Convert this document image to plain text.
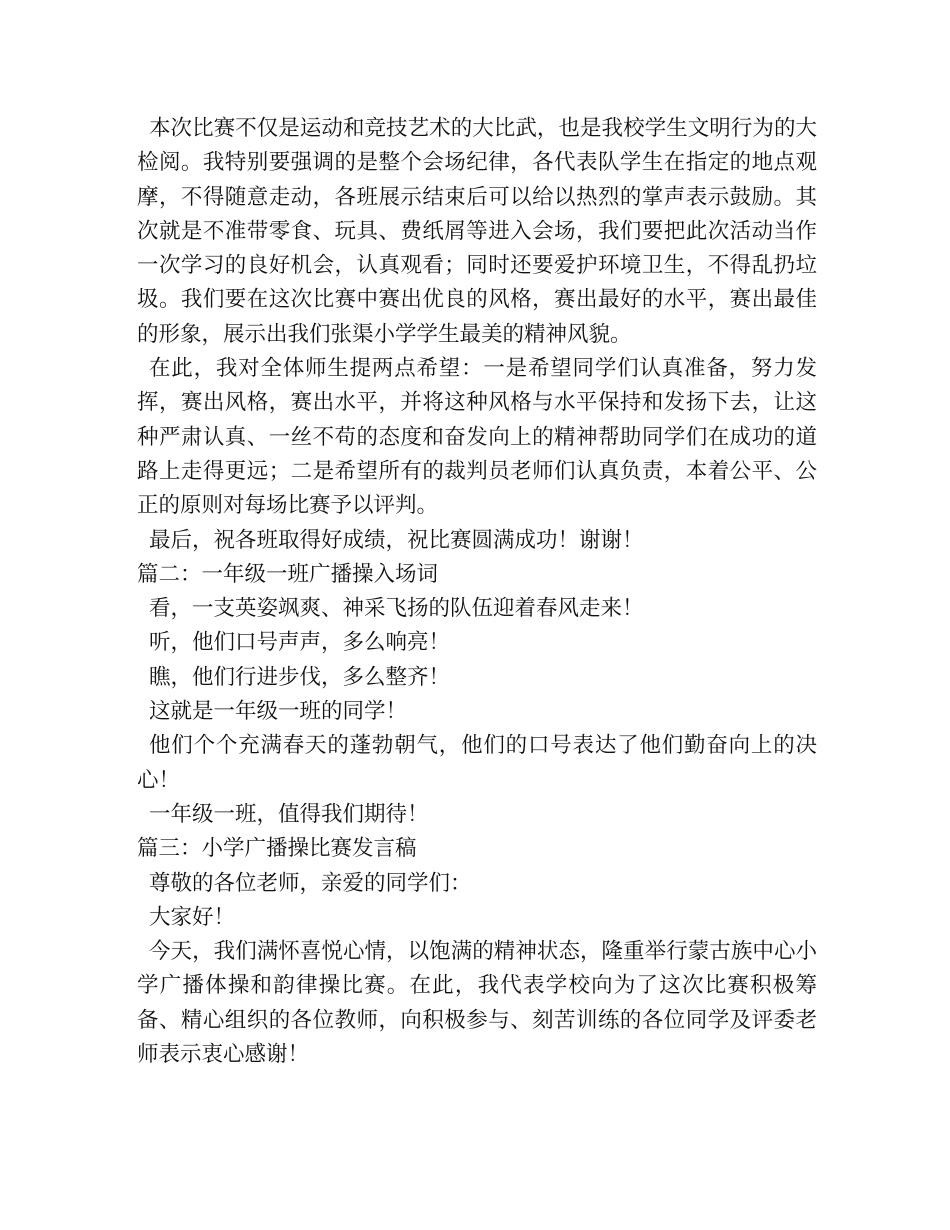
本次比赛不仅是运动和竞技艺术的大比武，也是我校学生文明行为的大检阅。我特别要强调的是整个会场纪律，各代表队学生在指定的地点观摩，不得随意走动，各班展示结束后可以给以热烈的掌声表示鼓励。其次就是不准带零食、玩具、费纸屑等进入会场，我们要把此次活动当作一次学习的良好机会，认真观看；同时还要爱护环境卫生，不得乱扔垃圾。我们要在这次比赛中赛出优良的风格，赛出最好的水平，赛出最佳的形象，展示出我们张渠小学学生最美的精神风貌。

在此，我对全体师生提两点希望：一是希望同学们认真准备，努力发挥，赛出风格，赛出水平，并将这种风格与水平保持和发扬下去，让这种严肃认真、一丝不苟的态度和奋发向上的精神帮助同学们在成功的道路上走得更远；二是希望所有的裁判员老师们认真负责，本着公平、公正的原则对每场比赛予以评判。

最后，祝各班取得好成绩，祝比赛圆满成功！谢谢！

篇二：一年级一班广播操入场词

看，一支英姿飒爽、神采飞扬的队伍迎着春风走来！

听，他们口号声声，多么响亮！

瞧，他们行进步伐，多么整齐！

这就是一年级一班的同学！

他们个个充满春天的蓬勃朝气，他们的口号表达了他们勤奋向上的决心！

一年级一班，值得我们期待！

篇三：小学广播操比赛发言稿

尊敬的各位老师，亲爱的同学们：

大家好！

今天，我们满怀喜悦心情，以饱满的精神状态，隆重举行蒙古族中心小学广播体操和韵律操比赛。在此，我代表学校向为了这次比赛积极筹备、精心组织的各位教师，向积极参与、刻苦训练的各位同学及评委老师表示衷心感谢！
